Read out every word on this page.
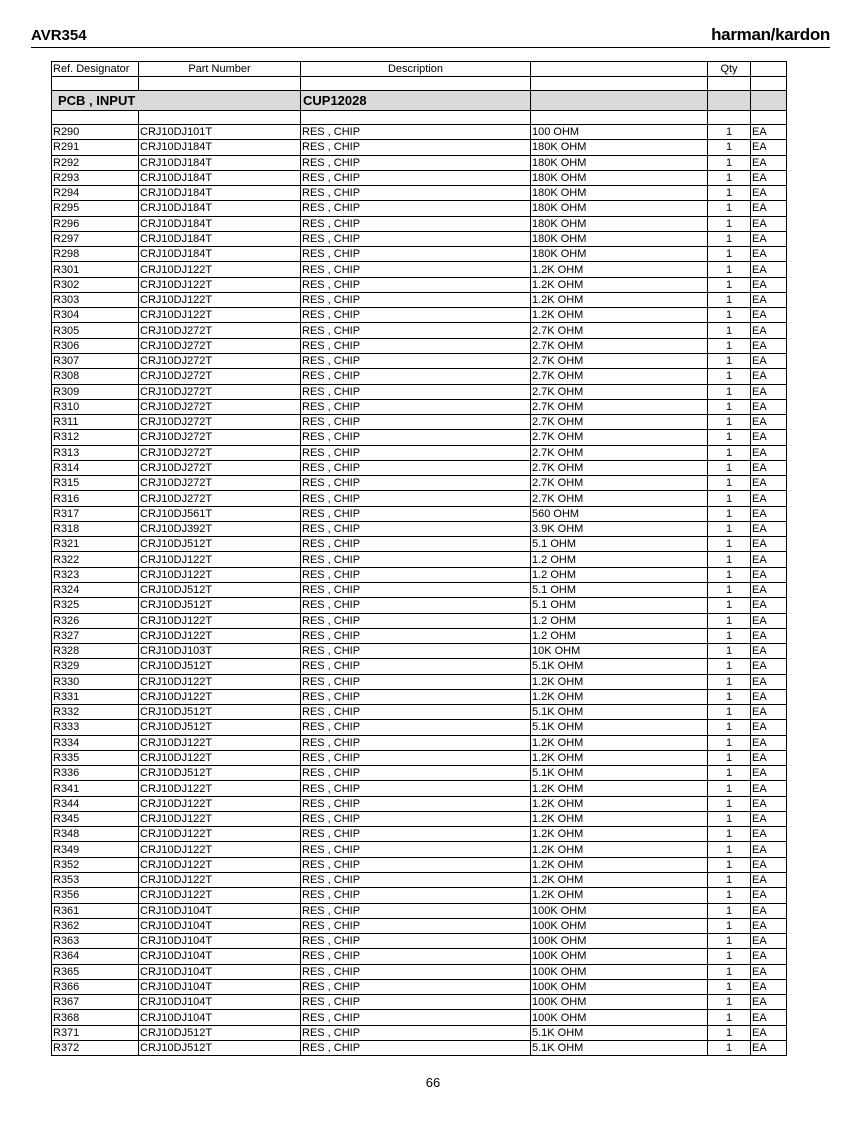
AVR354	harman/kardon
Ref. Designator	Part Number	Description		Qty	

PCB , INPUT		CUP12028			

R290	CRJ10DJ101T	RES , CHIP	100 OHM	1	EA
R291	CRJ10DJ184T	RES , CHIP	180K OHM	1	EA
R292	CRJ10DJ184T	RES , CHIP	180K OHM	1	EA
R293	CRJ10DJ184T	RES , CHIP	180K OHM	1	EA
R294	CRJ10DJ184T	RES , CHIP	180K OHM	1	EA
R295	CRJ10DJ184T	RES , CHIP	180K OHM	1	EA
R296	CRJ10DJ184T	RES , CHIP	180K OHM	1	EA
R297	CRJ10DJ184T	RES , CHIP	180K OHM	1	EA
R298	CRJ10DJ184T	RES , CHIP	180K OHM	1	EA
R301	CRJ10DJ122T	RES , CHIP	1.2K OHM	1	EA
R302	CRJ10DJ122T	RES , CHIP	1.2K OHM	1	EA
R303	CRJ10DJ122T	RES , CHIP	1.2K OHM	1	EA
R304	CRJ10DJ122T	RES , CHIP	1.2K OHM	1	EA
R305	CRJ10DJ272T	RES , CHIP	2.7K OHM	1	EA
R306	CRJ10DJ272T	RES , CHIP	2.7K OHM	1	EA
R307	CRJ10DJ272T	RES , CHIP	2.7K OHM	1	EA
R308	CRJ10DJ272T	RES , CHIP	2.7K OHM	1	EA
R309	CRJ10DJ272T	RES , CHIP	2.7K OHM	1	EA
R310	CRJ10DJ272T	RES , CHIP	2.7K OHM	1	EA
R311	CRJ10DJ272T	RES , CHIP	2.7K OHM	1	EA
R312	CRJ10DJ272T	RES , CHIP	2.7K OHM	1	EA
R313	CRJ10DJ272T	RES , CHIP	2.7K OHM	1	EA
R314	CRJ10DJ272T	RES , CHIP	2.7K OHM	1	EA
R315	CRJ10DJ272T	RES , CHIP	2.7K OHM	1	EA
R316	CRJ10DJ272T	RES , CHIP	2.7K OHM	1	EA
R317	CRJ10DJ561T	RES , CHIP	560 OHM	1	EA
R318	CRJ10DJ392T	RES , CHIP	3.9K OHM	1	EA
R321	CRJ10DJ512T	RES , CHIP	5.1 OHM	1	EA
R322	CRJ10DJ122T	RES , CHIP	1.2 OHM	1	EA
R323	CRJ10DJ122T	RES , CHIP	1.2 OHM	1	EA
R324	CRJ10DJ512T	RES , CHIP	5.1 OHM	1	EA
R325	CRJ10DJ512T	RES , CHIP	5.1 OHM	1	EA
R326	CRJ10DJ122T	RES , CHIP	1.2 OHM	1	EA
R327	CRJ10DJ122T	RES , CHIP	1.2 OHM	1	EA
R328	CRJ10DJ103T	RES , CHIP	10K OHM	1	EA
R329	CRJ10DJ512T	RES , CHIP	5.1K OHM	1	EA
R330	CRJ10DJ122T	RES , CHIP	1.2K OHM	1	EA
R331	CRJ10DJ122T	RES , CHIP	1.2K OHM	1	EA
R332	CRJ10DJ512T	RES , CHIP	5.1K OHM	1	EA
R333	CRJ10DJ512T	RES , CHIP	5.1K OHM	1	EA
R334	CRJ10DJ122T	RES , CHIP	1.2K OHM	1	EA
R335	CRJ10DJ122T	RES , CHIP	1.2K OHM	1	EA
R336	CRJ10DJ512T	RES , CHIP	5.1K OHM	1	EA
R341	CRJ10DJ122T	RES , CHIP	1.2K OHM	1	EA
R344	CRJ10DJ122T	RES , CHIP	1.2K OHM	1	EA
R345	CRJ10DJ122T	RES , CHIP	1.2K OHM	1	EA
R348	CRJ10DJ122T	RES , CHIP	1.2K OHM	1	EA
R349	CRJ10DJ122T	RES , CHIP	1.2K OHM	1	EA
R352	CRJ10DJ122T	RES , CHIP	1.2K OHM	1	EA
R353	CRJ10DJ122T	RES , CHIP	1.2K OHM	1	EA
R356	CRJ10DJ122T	RES , CHIP	1.2K OHM	1	EA
R361	CRJ10DJ104T	RES , CHIP	100K OHM	1	EA
R362	CRJ10DJ104T	RES , CHIP	100K OHM	1	EA
R363	CRJ10DJ104T	RES , CHIP	100K OHM	1	EA
R364	CRJ10DJ104T	RES , CHIP	100K OHM	1	EA
R365	CRJ10DJ104T	RES , CHIP	100K OHM	1	EA
R366	CRJ10DJ104T	RES , CHIP	100K OHM	1	EA
R367	CRJ10DJ104T	RES , CHIP	100K OHM	1	EA
R368	CRJ10DJ104T	RES , CHIP	100K OHM	1	EA
R371	CRJ10DJ512T	RES , CHIP	5.1K OHM	1	EA
R372	CRJ10DJ512T	RES , CHIP	5.1K OHM	1	EA
66
